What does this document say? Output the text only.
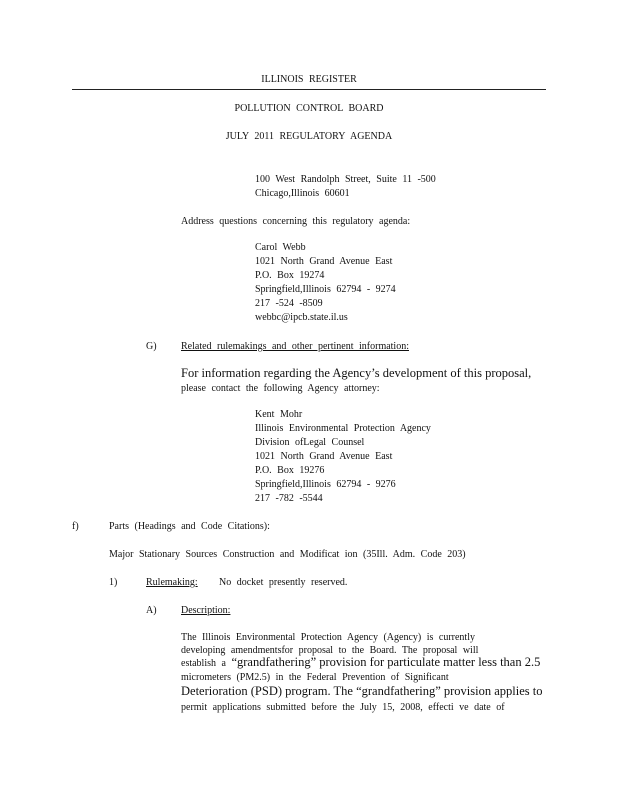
ILLINOIS REGISTER
POLLUTION CONTROL BOARD
JULY 2011 REGULATORY AGENDA
100 West Randolph Street, Suite 11 -500
Chicago,Illinois 60601
Address questions concerning this regulatory agenda:
Carol Webb
1021 North Grand Avenue East
P.O. Box 19274
Springfield,Illinois 62794 - 9274
217 -524 -8509
webbc@ipcb.state.il.us
G) Related rulemakings and other pertinent information:
For information regarding the Agency’s development of this proposal,
please contact the following Agency attorney:
Kent Mohr
Illinois Environmental Protection Agency
Division ofLegal Counsel
1021 North Grand Avenue East
P.O. Box 19276
Springfield,Illinois 62794 - 9276
217 -782 -5544
f)	Parts (Headings and Code Citations):
Major Stationary Sources Construction and Modificat ion (35Ill. Adm. Code 203)
1)	Rulemaking: No docket presently reserved.
A) Description:
The Illinois Environmental Protection Agency (Agency) is currently
developing amendmentsfor proposal to the Board. The proposal will
establish a “grandfathering” provision for particulate matter less than 2.5
micrometers (PM2.5) in the Federal Prevention of Significant
Deterioration (PSD) program. The “grandfathering” provision applies to
permit applications submitted before the July 15, 2008, effecti ve date of
